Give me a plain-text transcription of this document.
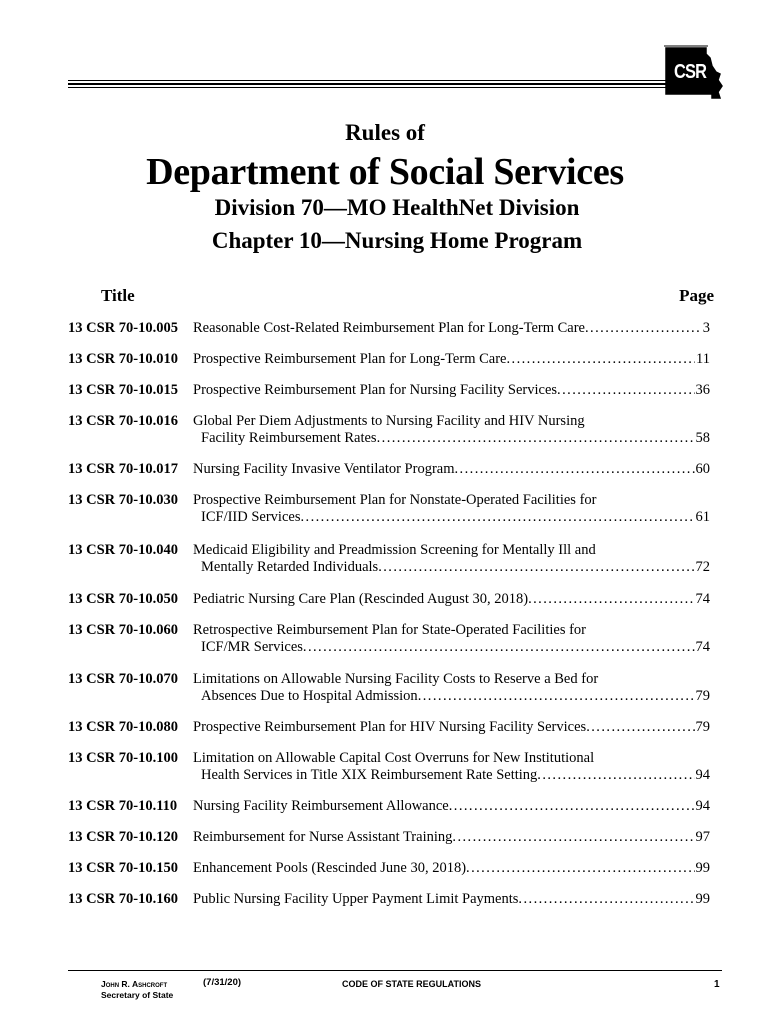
CSR
Rules of
Department of Social Services
Division 70—MO HealthNet Division
Chapter 10—Nursing Home Program
Title	Page
13 CSR 70-10.005 Reasonable Cost-Related Reimbursement Plan for Long-Term Care . . .	3
13 CSR 70-10.010 Prospective Reimbursement Plan for Long-Term Care . . .	11
13 CSR 70-10.015 Prospective Reimbursement Plan for Nursing Facility Services . . .	36
13 CSR 70-10.016 Global Per Diem Adjustments to Nursing Facility and HIV Nursing
Facility Reimbursement Rates . . .	58
13 CSR 70-10.017 Nursing Facility Invasive Ventilator Program . . .	60
13 CSR 70-10.030 Prospective Reimbursement Plan for Nonstate-Operated Facilities for
ICF/IID Services . . .	61
13 CSR 70-10.040 Medicaid Eligibility and Preadmission Screening for Mentally Ill and
Mentally Retarded Individuals . . .	72
13 CSR 70-10.050 Pediatric Nursing Care Plan (Rescinded August 30, 2018) . . .	74
13 CSR 70-10.060 Retrospective Reimbursement Plan for State-Operated Facilities for
ICF/MR Services . . .	74
13 CSR 70-10.070 Limitations on Allowable Nursing Facility Costs to Reserve a Bed for
Absences Due to Hospital Admission . . .	79
13 CSR 70-10.080 Prospective Reimbursement Plan for HIV Nursing Facility Services . . .	79
13 CSR 70-10.100 Limitation on Allowable Capital Cost Overruns for New Institutional
Health Services in Title XIX Reimbursement Rate Setting . . .	94
13 CSR 70-10.110 Nursing Facility Reimbursement Allowance . . .	94
13 CSR 70-10.120 Reimbursement for Nurse Assistant Training . . .	97
13 CSR 70-10.150 Enhancement Pools (Rescinded June 30, 2018) . . .	99
13 CSR 70-10.160 Public Nursing Facility Upper Payment Limit Payments . . .	99
John R. Ashcroft
Secretary of State
(7/31/20)	CODE OF STATE REGULATIONS	1
